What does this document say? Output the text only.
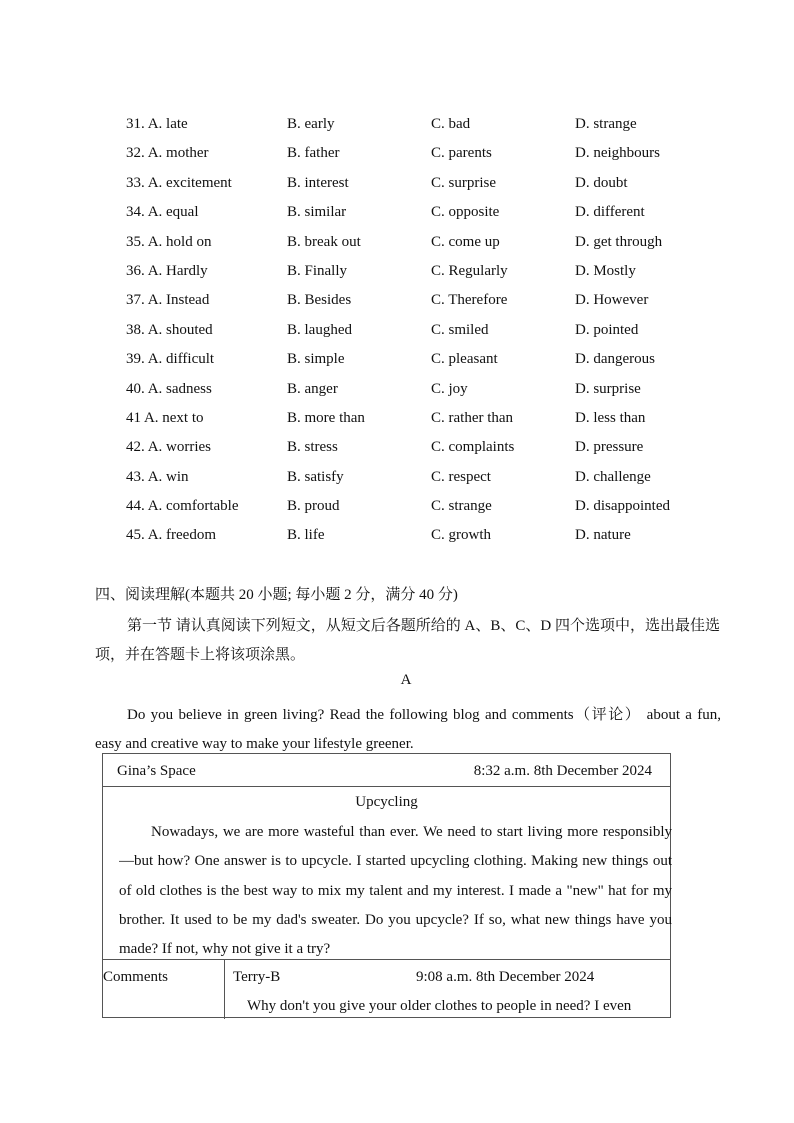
31. A. late	B. early	C. bad	D. strange
32. A. mother	B. father	C. parents	D. neighbours
33. A. excitement	B. interest	C. surprise	D. doubt
34. A. equal	B. similar	C. opposite	D. different
35. A. hold on	B. break out	C. come up	D. get through
36. A. Hardly	B. Finally	C. Regularly	D. Mostly
37. A. Instead	B. Besides	C. Therefore	D. However
38. A. shouted	B. laughed	C. smiled	D. pointed
39. A. difficult	B. simple	C. pleasant	D. dangerous
40. A. sadness	B. anger	C. joy	D. surprise
41 A. next to	B. more than	C. rather than	D. less than
42. A. worries	B. stress	C. complaints	D. pressure
43. A. win	B. satisfy	C. respect	D. challenge
44. A. comfortable	B. proud	C. strange	D. disappointed
45. A. freedom	B. life	C. growth	D. nature
四、阅读理解(本题共 20 小题; 每小题 2 分，满分 40 分)
第一节 请认真阅读下列短文，从短文后各题所给的 A、B、C、D 四个选项中，选出最佳选项，并在答题卡上将该项涂黑。
A
Do you believe in green living? Read the following blog and comments（评论） about a fun, easy and creative way to make your lifestyle greener.
Gina’s Space	8:32 a.m. 8th December 2024
Upcycling
Nowadays, we are more wasteful than ever. We need to start living more responsibly—but how? One answer is to upcycle. I started upcycling clothing. Making new things out of old clothes is the best way to mix my talent and my interest. I made a "new" hat for my brother. It used to be my dad's sweater. Do you upcycle? If so, what new things have you made? If not, why not give it a try?
Comments	Terry-B	9:08 a.m. 8th December 2024
Why don't you give your older clothes to people in need? I even
